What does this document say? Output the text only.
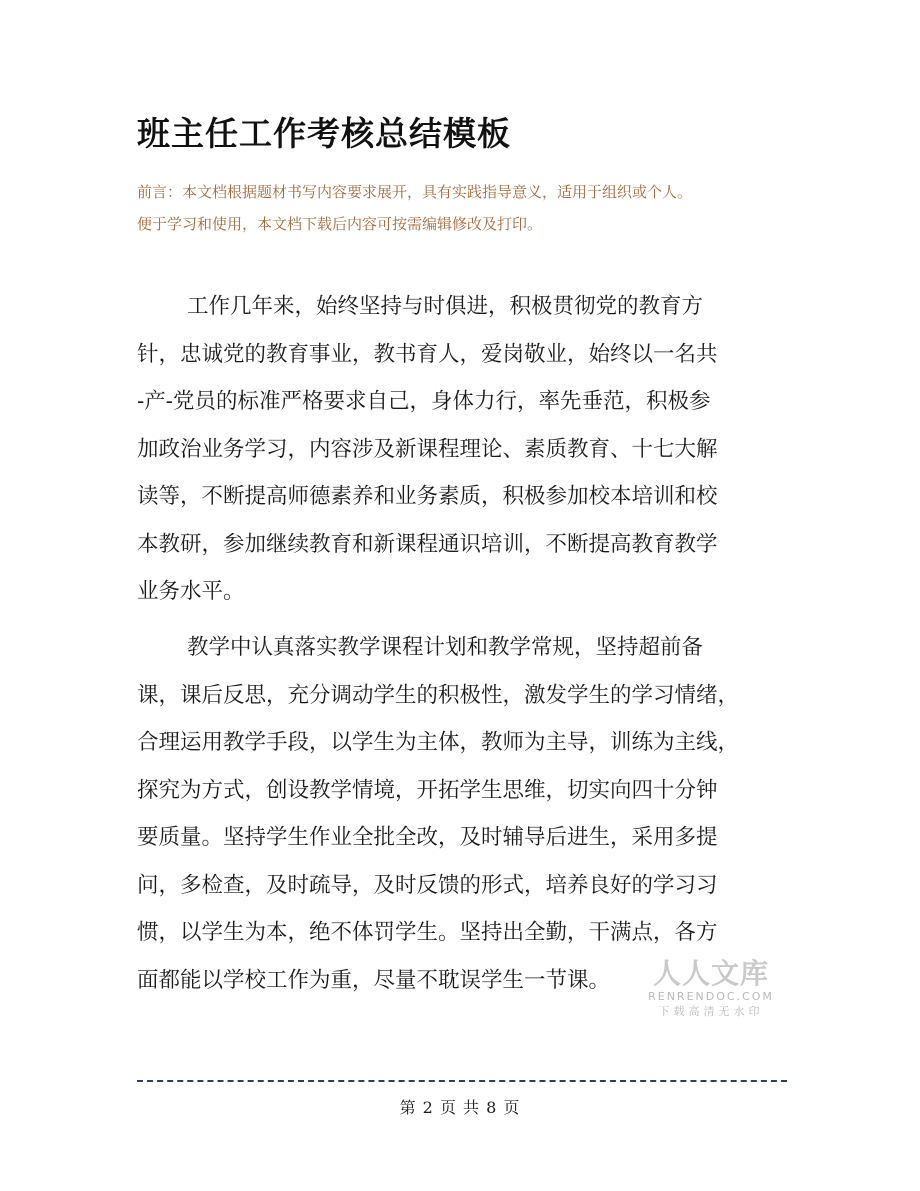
班主任工作考核总结模板
前言：本文档根据题材书写内容要求展开，具有实践指导意义，适用于组织或个人。
便于学习和使用，本文档下载后内容可按需编辑修改及打印。
工作几年来，始终坚持与时俱进，积极贯彻党的教育方
针，忠诚党的教育事业，教书育人，爱岗敬业，始终以一名共
-产-党员的标准严格要求自己，身体力行，率先垂范，积极参
加政治业务学习，内容涉及新课程理论、素质教育、十七大解
读等，不断提高师德素养和业务素质，积极参加校本培训和校
本教研，参加继续教育和新课程通识培训，不断提高教育教学
业务水平。
教学中认真落实教学课程计划和教学常规，坚持超前备
课，课后反思，充分调动学生的积极性，激发学生的学习情绪，
合理运用教学手段，以学生为主体，教师为主导，训练为主线，
探究为方式，创设教学情境，开拓学生思维，切实向四十分钟
要质量。坚持学生作业全批全改，及时辅导后进生，采用多提
问，多检查，及时疏导，及时反馈的形式，培养良好的学习习
惯，以学生为本，绝不体罚学生。坚持出全勤，干满点，各方
面都能以学校工作为重，尽量不耽误学生一节课。	人人文库
RENRENDOC.COM
下载高清无水印
第 2 页 共 8 页
